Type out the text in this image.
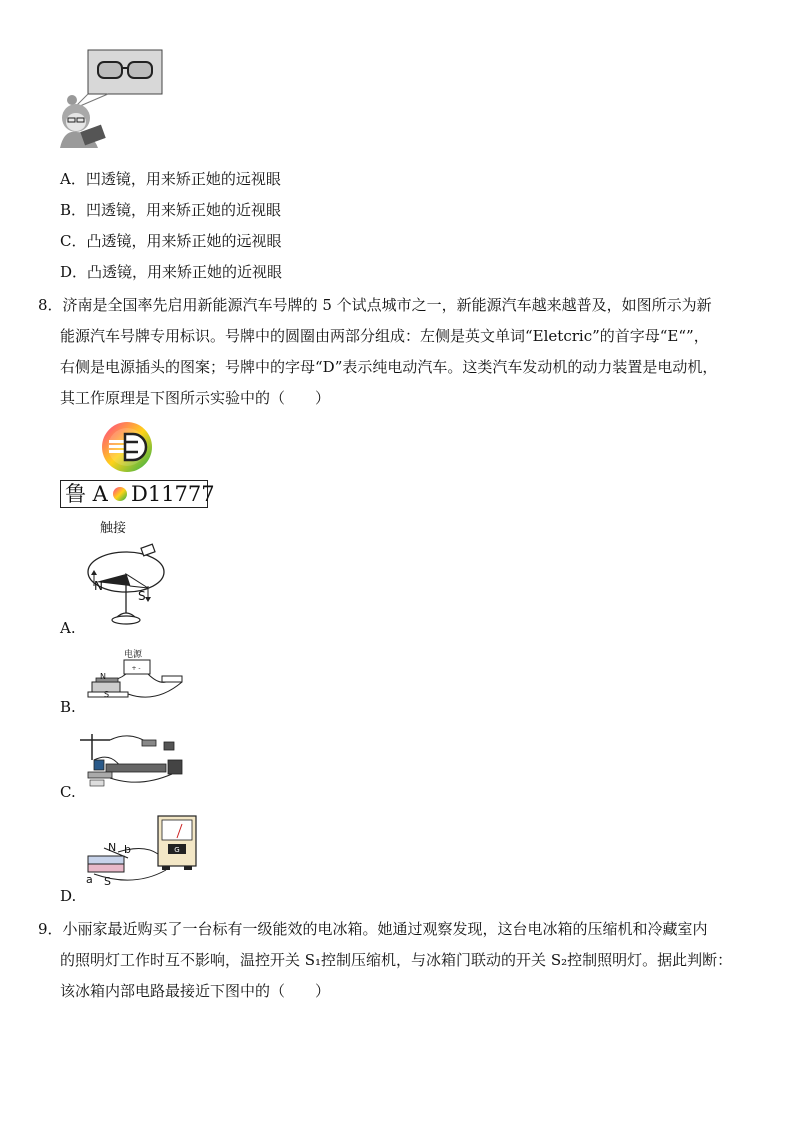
A．凹透镜，用来矫正她的远视眼
B．凹透镜，用来矫正她的近视眼
C．凸透镜，用来矫正她的远视眼
D．凸透镜，用来矫正她的近视眼
8．济南是全国率先启用新能源汽车号牌的 5 个试点城市之一，新能源汽车越来越普及，如图所示为新
能源汽车号牌专用标识。号牌中的圆圈由两部分组成：左侧是英文单词“Eletcric”的首字母“E“”，
右侧是电源插头的图案；号牌中的字母“D”表示纯电动汽车。这类汽车发动机的动力装置是电动机，
其工作原理是下图所示实验中的（　　）
鲁 A D11777
触接
N
S
A.
+ -
电源
N
S
B.
C.
G
N b
a S
D.
9．小丽家最近购买了一台标有一级能效的电冰箱。她通过观察发现，这台电冰箱的压缩机和冷藏室内
的照明灯工作时互不影响，温控开关 S₁控制压缩机，与冰箱门联动的开关 S₂控制照明灯。据此判断：
该冰箱内部电路最接近下图中的（　　）
